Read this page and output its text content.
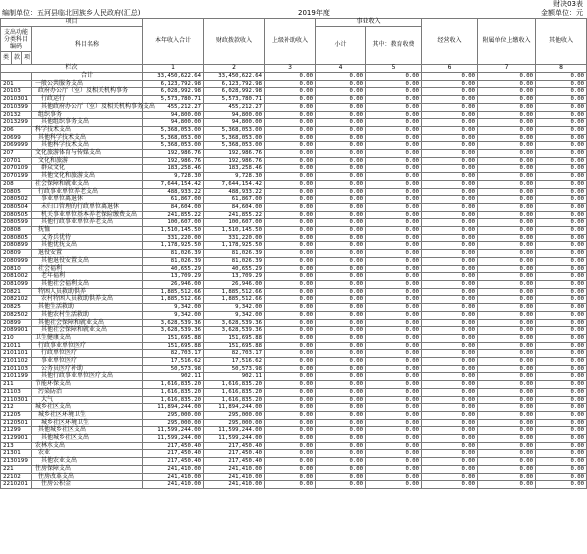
财决03表
编制单位：五河县临北回族乡人民政府(汇总)	2019年度	金额单位：元
项目				本年收入合计	财政拨款收入	上级补助收入	事业收入		经营收入	附属单位上缴收入	其他收入
支出功能分类科目编码			科目名称				小计	其中：教育收费			
类	款	项									
栏次				1	2	3	4	5	6	7	8
			合计	33,450,622.64	33,450,622.64	0.00	0.00	0.00	0.00	0.00	0.00
201			一般公共服务支出	6,123,792.98	6,123,792.98	0.00	0.00	0.00	0.00	0.00	0.00
20103			政府办公厅（室）及相关机构事务	6,028,992.98	6,028,992.98	0.00	0.00	0.00	0.00	0.00	0.00
2010301			行政运行	5,573,780.71	5,573,780.71	0.00	0.00	0.00	0.00	0.00	0.00
2010399			其他政府办公厅（室）及相关机构事务支出	455,212.27	455,212.27	0.00	0.00	0.00	0.00	0.00	0.00
20132			组织事务	94,800.00	94,800.00	0.00	0.00	0.00	0.00	0.00	0.00
2013299			其他组织事务支出	94,800.00	94,800.00	0.00	0.00	0.00	0.00	0.00	0.00
206			科学技术支出	5,368,053.00	5,368,053.00	0.00	0.00	0.00	0.00	0.00	0.00
20699			其他科学技术支出	5,368,053.00	5,368,053.00	0.00	0.00	0.00	0.00	0.00	0.00
2069999			其他科学技术支出	5,368,053.00	5,368,053.00	0.00	0.00	0.00	0.00	0.00	0.00
207			文化旅游体育与传媒支出	192,986.76	192,986.76	0.00	0.00	0.00	0.00	0.00	0.00
20701			文化和旅游	192,986.76	192,986.76	0.00	0.00	0.00	0.00	0.00	0.00
2070109			群众文化	183,258.46	183,258.46	0.00	0.00	0.00	0.00	0.00	0.00
2070199			其他文化和旅游支出	9,728.30	9,728.30	0.00	0.00	0.00	0.00	0.00	0.00
208			社会保障和就业支出	7,644,154.42	7,644,154.42	0.00	0.00	0.00	0.00	0.00	0.00
20805			行政事业单位养老支出	488,933.22	488,933.22	0.00	0.00	0.00	0.00	0.00	0.00
2080502			事业单位离退休	61,867.00	61,867.00	0.00	0.00	0.00	0.00	0.00	0.00
2080504			未归口管理的行政单位离退休	84,604.00	84,604.00	0.00	0.00	0.00	0.00	0.00	0.00
2080505			机关事业单位基本养老保险缴费支出	241,855.22	241,855.22	0.00	0.00	0.00	0.00	0.00	0.00
2080599			其他行政事业单位养老支出	100,607.00	100,607.00	0.00	0.00	0.00	0.00	0.00	0.00
20808			抚恤	1,510,145.50	1,510,145.50	0.00	0.00	0.00	0.00	0.00	0.00
2080805			义务兵优待	331,220.00	331,220.00	0.00	0.00	0.00	0.00	0.00	0.00
2080899			其他优抚支出	1,178,925.50	1,178,925.50	0.00	0.00	0.00	0.00	0.00	0.00
20809			退役安置	81,026.39	81,026.39	0.00	0.00	0.00	0.00	0.00	0.00
2080999			其他退役安置支出	81,026.39	81,026.39	0.00	0.00	0.00	0.00	0.00	0.00
20810			社会福利	40,655.29	40,655.29	0.00	0.00	0.00	0.00	0.00	0.00
2081002			老年福利	13,709.29	13,709.29	0.00	0.00	0.00	0.00	0.00	0.00
2081099			其他社会福利支出	26,946.00	26,946.00	0.00	0.00	0.00	0.00	0.00	0.00
20821			特困人员救助供养	1,885,512.66	1,885,512.66	0.00	0.00	0.00	0.00	0.00	0.00
2082102			农村特困人员救助供养支出	1,885,512.66	1,885,512.66	0.00	0.00	0.00	0.00	0.00	0.00
20825			其他生活救助	9,342.00	9,342.00	0.00	0.00	0.00	0.00	0.00	0.00
2082502			其他农村生活救助	9,342.00	9,342.00	0.00	0.00	0.00	0.00	0.00	0.00
20899			其他社会保障和就业支出	3,628,539.36	3,628,539.36	0.00	0.00	0.00	0.00	0.00	0.00
2089901			其他社会保障和就业支出	3,628,539.36	3,628,539.36	0.00	0.00	0.00	0.00	0.00	0.00
210			卫生健康支出	151,695.88	151,695.88	0.00	0.00	0.00	0.00	0.00	0.00
21011			行政事业单位医疗	151,695.88	151,695.88	0.00	0.00	0.00	0.00	0.00	0.00
2101101			行政单位医疗	82,703.17	82,703.17	0.00	0.00	0.00	0.00	0.00	0.00
2101102			事业单位医疗	17,516.62	17,516.62	0.00	0.00	0.00	0.00	0.00	0.00
2101103			公务员医疗补助	50,573.98	50,573.98	0.00	0.00	0.00	0.00	0.00	0.00
2101199			其他行政事业单位医疗支出	902.11	902.11	0.00	0.00	0.00	0.00	0.00	0.00
211			节能环保支出	1,616,835.20	1,616,835.20	0.00	0.00	0.00	0.00	0.00	0.00
21103			污染防治	1,616,835.20	1,616,835.20	0.00	0.00	0.00	0.00	0.00	0.00
2110301			大气	1,616,835.20	1,616,835.20	0.00	0.00	0.00	0.00	0.00	0.00
212			城乡社区支出	11,894,244.00	11,894,244.00	0.00	0.00	0.00	0.00	0.00	0.00
21205			城乡社区环境卫生	295,000.00	295,000.00	0.00	0.00	0.00	0.00	0.00	0.00
2120501			城乡社区环境卫生	295,000.00	295,000.00	0.00	0.00	0.00	0.00	0.00	0.00
21299			其他城乡社区支出	11,599,244.00	11,599,244.00	0.00	0.00	0.00	0.00	0.00	0.00
2129901			其他城乡社区支出	11,599,244.00	11,599,244.00	0.00	0.00	0.00	0.00	0.00	0.00
213			农林水支出	217,450.40	217,450.40	0.00	0.00	0.00	0.00	0.00	0.00
21301			农业	217,450.40	217,450.40	0.00	0.00	0.00	0.00	0.00	0.00
2130199			其他农业支出	217,450.40	217,450.40	0.00	0.00	0.00	0.00	0.00	0.00
221			住房保障支出	241,410.00	241,410.00	0.00	0.00	0.00	0.00	0.00	0.00
22102			住房改革支出	241,410.00	241,410.00	0.00	0.00	0.00	0.00	0.00	0.00
2210201			住房公积金	241,410.00	241,410.00	0.00	0.00	0.00	0.00	0.00	0.00
